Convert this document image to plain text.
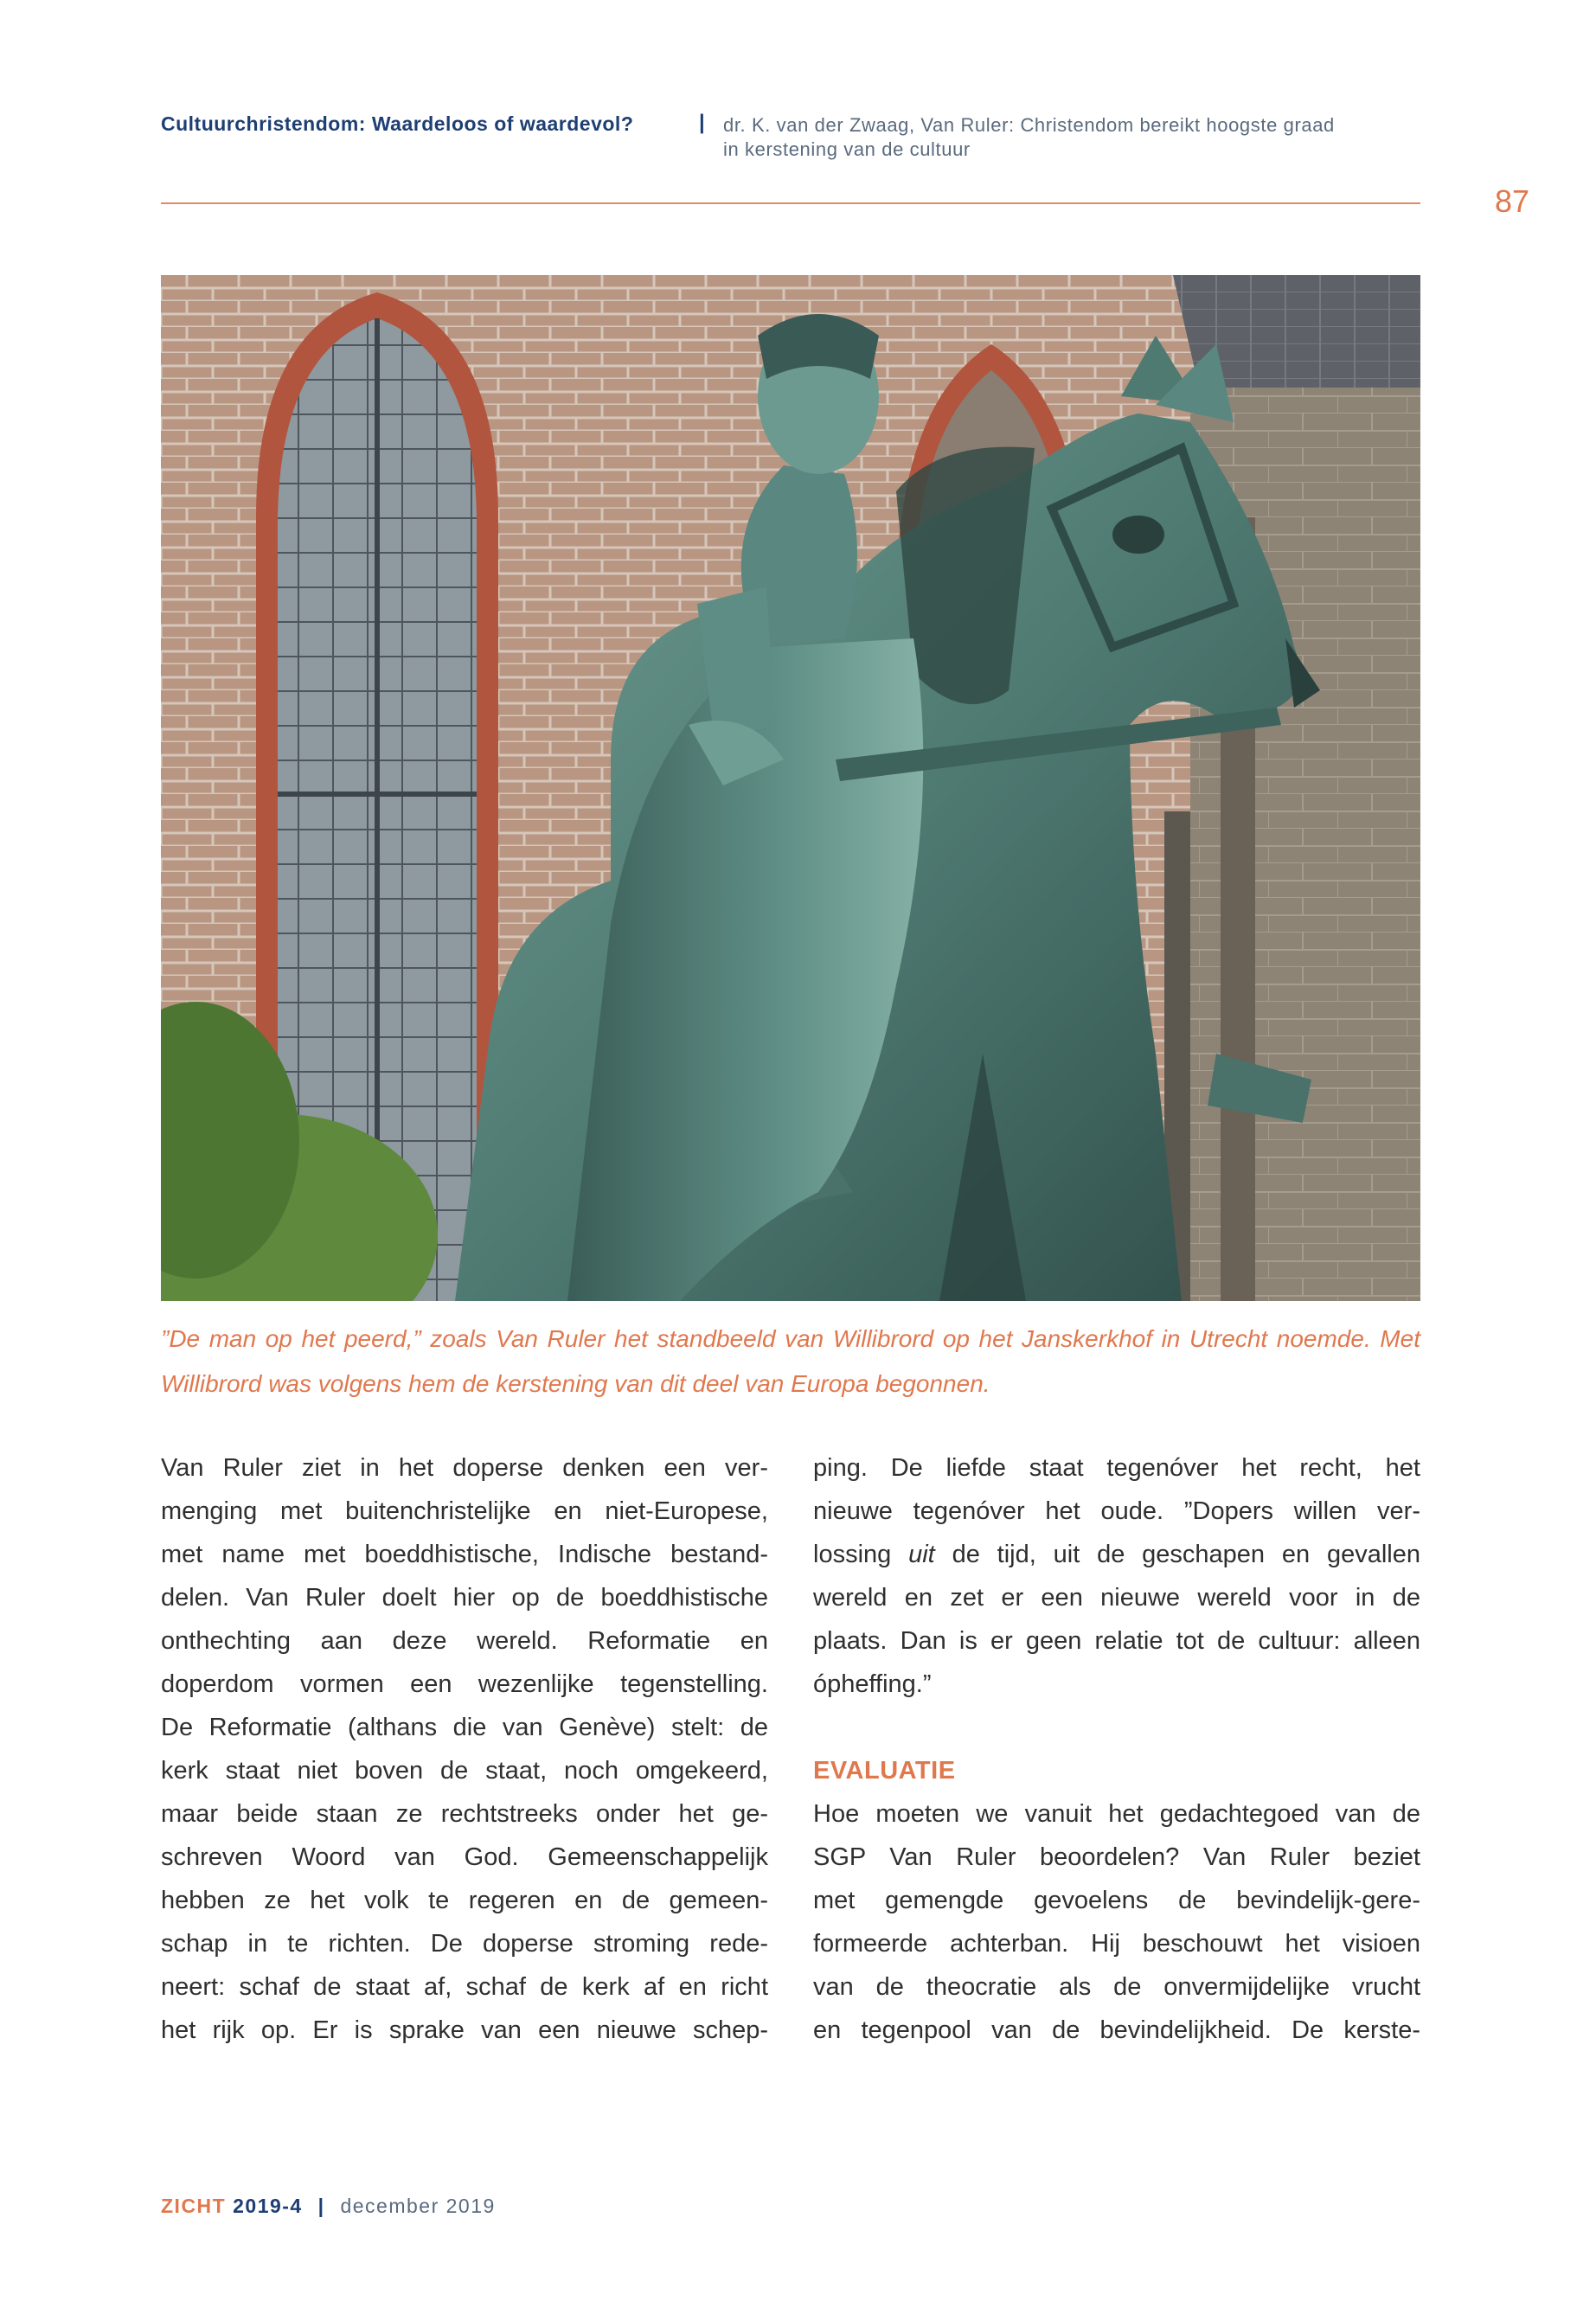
Cultuurchristendom: Waardeloos of waardevol?	| dr. K. van der Zwaag, Van Ruler: Christendom bereikt hoogste graad
in kerstening van de cultuur
87
”De man op het peerd,” zoals Van Ruler het standbeeld van Willibrord op het Janskerkhof in Utrecht noemde. Met Willibrord was volgens hem de kerstening van dit deel van Europa begonnen.
Van Ruler ziet in het doperse denken een ver-
menging met buitenchristelijke en niet-Europese,
met name met boeddhistische, Indische bestand-
delen. Van Ruler doelt hier op de boeddhistische
onthechting aan deze wereld. Reformatie en
doperdom vormen een wezenlijke tegenstelling.
De Reformatie (althans die van Genève) stelt: de
kerk staat niet boven de staat, noch omgekeerd,
maar beide staan ze rechtstreeks onder het ge-
schreven Woord van God. Gemeenschappelijk
hebben ze het volk te regeren en de gemeen-
schap in te richten. De doperse stroming rede-
neert: schaf de staat af, schaf de kerk af en richt
het rijk op. Er is sprake van een nieuwe schep-
ping. De liefde staat tegenóver het recht, het
nieuwe tegenóver het oude. ”Dopers willen ver-
lossing uit de tijd, uit de geschapen en gevallen
wereld en zet er een nieuwe wereld voor in de
plaats. Dan is er geen relatie tot de cultuur: alleen
ópheffing.”
EVALUATIE
Hoe moeten we vanuit het gedachtegoed van de
SGP Van Ruler beoordelen? Van Ruler beziet
met gemengde gevoelens de bevindelijk-gere-
formeerde achterban. Hij beschouwt het visioen
van de theocratie als de onvermijdelijke vrucht
en tegenpool van de bevindelijkheid. De kerste-
ZICHT 2019-4 | december 2019
